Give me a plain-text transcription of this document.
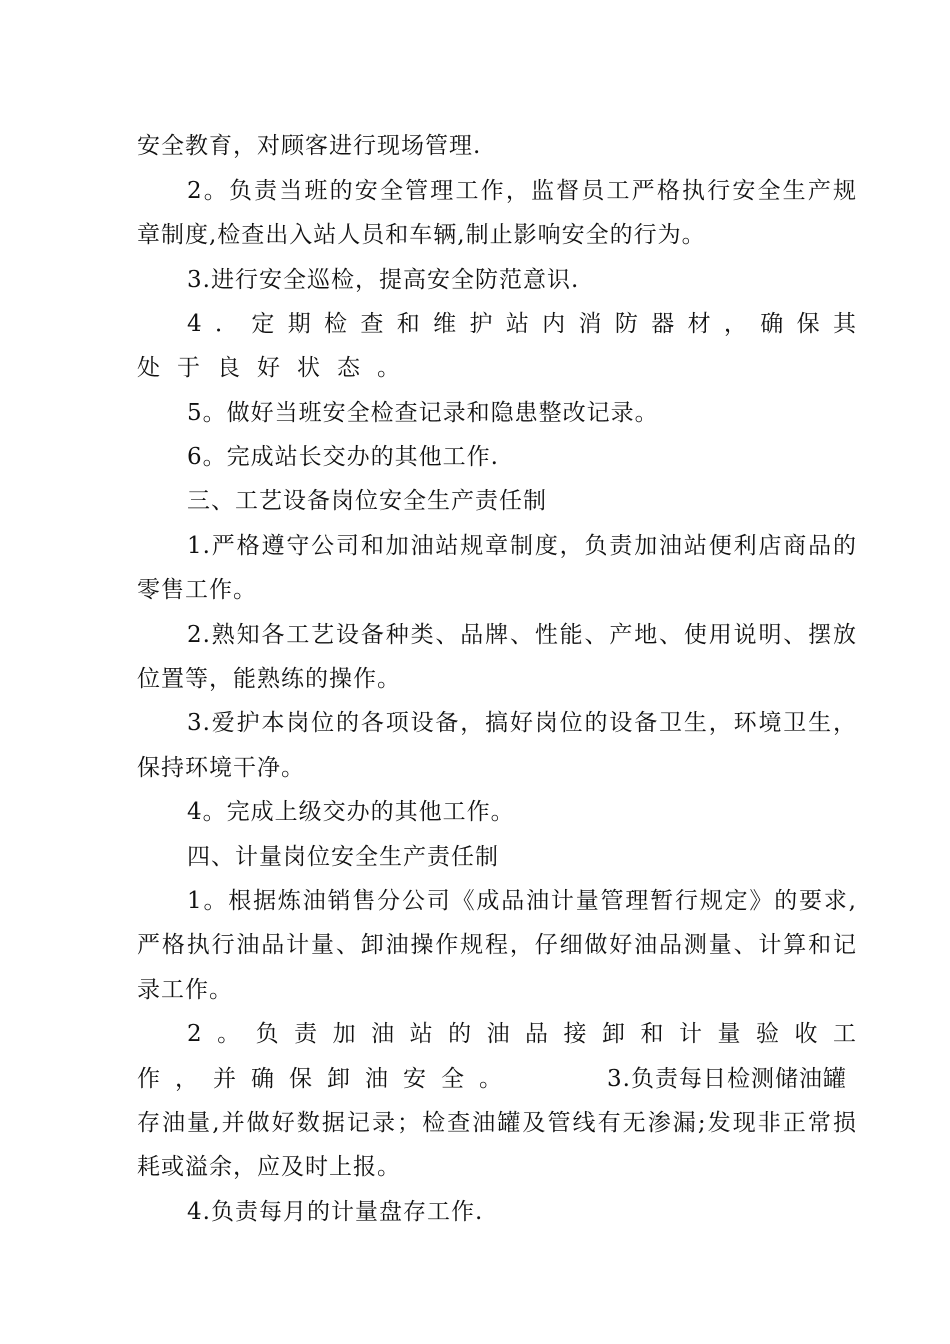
安全教育，对顾客进行现场管理.
2。负责当班的安全管理工作，监督员工严格执行安全生产规
章制度,检查出入站人员和车辆,制止影响安全的行为。
3.进行安全巡检，提高安全防范意识.
4．定期检查和维护站内消防器材，确保其
处于良好状态。
5。做好当班安全检查记录和隐患整改记录。
6。完成站长交办的其他工作.
三、工艺设备岗位安全生产责任制
1.严格遵守公司和加油站规章制度，负责加油站便利店商品的
零售工作。
2.熟知各工艺设备种类、品牌、性能、产地、使用说明、摆放
位置等，能熟练的操作。
3.爱护本岗位的各项设备，搞好岗位的设备卫生，环境卫生，
保持环境干净。
4。完成上级交办的其他工作。
四、计量岗位安全生产责任制
1。根据炼油销售分公司《成品油计量管理暂行规定》的要求,
严格执行油品计量、卸油操作规程，仔细做好油品测量、计算和记
录工作。
2。负责加油站的油品接卸和计量验收工
作，并确保卸油安全。	3.负责每日检测储油罐
存油量,并做好数据记录；检查油罐及管线有无渗漏;发现非正常损
耗或溢余，应及时上报。
4.负责每月的计量盘存工作.
